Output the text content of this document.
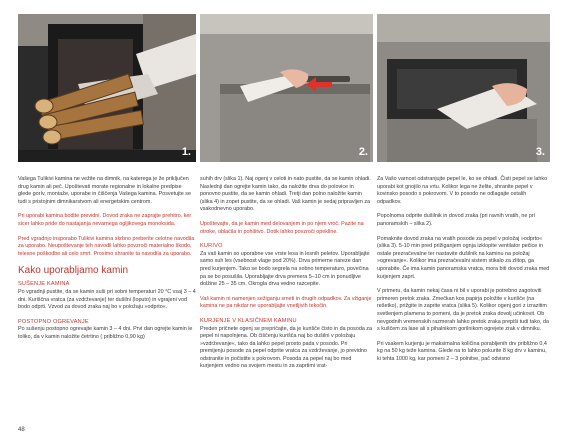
1.	2.	3.

Vašega Tulikivi kamina ne vežite na dimnik, na katerega je že priključen drug kamin ali peč. Upoštevati morate regionalne in lokalne predpise glede gorív, montaže, uporabe in čiščenja Vašega kamina. Posvetujte se tudi s pristojnim dimnikarstvom ali energetskim centrom.

Pri uporabi kamina bodite previdni. Dovod zraka ne zaprajte prehitro, ker sicer lahko pride do nastajanja nevarnega ogljikovega monoksida.

Pred vgradnjo insporabo Tulikivi kamina skrbno preberite celotne navodila za uporabo. Neupoštevanje teh navodil lahko povzroči materialno škodo, telesne poškodbe ali celo smrt. Prosimo shranite ta navodila za uporabo.

Kako uporabljamo kamin
SUŠENJE KAMINA

Po vgradnji pustite, da se kamin suši pri sobni temperaturi 20 °C vsaj 3 – 4 dni. Kuriščna vratca (za vzdrževanje) ter dušilni (loputo) in vgrajeni vod bodo odprti. Vzvod za dovod zraka naj bo v položaju »odprto«.

POSTOPNO OGREVANJE

Po sušenju postopno ogrevajte kamin 3 – 4 dni. Prvi dan ogrejte kamin le toliko, da v kamin naložite četrtino ( približno 0,90 kg)

suhih drv (slika 1). Naj ogenj v celoti in nato pustite, da se kamin ohladi. Naslednji dan ogrejte kamin tako, da naložite drva do polovice in ponovno pustite, da se kamin ohladi. Tretji dan polno naložite kamin (slika 4) in zopet pustite, da se ohladi. Vaš kamin je sedaj pripravljen za vsakodnevno uporabo.

Upoštevajte, da je kamin med delovanjem in po njem vroč. Pazite na otroke, oblačila in pohištvo. Dotik lahko povzroči opekline.

KURIVO

Za vaš kamin so uporabne vse vrste lesa in lesnih peletov. Uporabljajte samo suh les (vsebnost vlage pod 20%). Drva primerne nareze dan pred kurjenjem. Tako se bodo segrela na sobno temperaturo, povečina pa se bo posušila. Uporabljajte drva premera 5–10 cm in ponudljive dolžine 25 – 35 cm. Okrogla drva vedno razcepite.

Vaš kamin ni namenjen sežiganju smeti in drugih odpadkov. Za vžiganje kamina ne pa nikdar ne uporabljajte vnetljivih tekočin.

KURJENJE V KLASIČNEM KAMINU

Preden pričnete ogenj se prepričajte, da je kurišče čisto in da posoda za pepel ni napolnjena. Ob čiščenju kurišča naj bo dušilni v položaju »vzdrževanje«, tako da lahko pepel prosto pada v posodo. Pri premijenju posode za pepel odprite vratca za vzdrževanje, jo previdno odstranite in počistite s pokrovom. Posoda za pepel naj bo med kurjenjem vedno na svojem mestu in za zaprtimi vrat-

Za Vašo varnost odstranjujte pepel le, ko se ohladi. Čisti pepel se lahko uporabi kot gnojilo na vrtu. Kolikor lega ne želite, shranite pepel v kovinsko posodo s pokrovom. V to posodo ne odlagajte ostalih odpadkov.

Popolnoma odprite dušilnik in dovod zraka (pri ravnih vratih, ne pri panoramskih – slika 2).

Pomaknite dovod zraka na vratih posode za pepel v položaj »odprto« (slika 3). 5-10 min pred prižiganjem ognja izklopite ventilator pečice in ostale prezračevalne ter nastavite dušilnik na kaminu na položaj »ogrevanje«. Kolikor ima prezračevalni sistem stikalo za zlitop, ga uporabite. Če ima kamin panoramska vratca, mora biti dovod zraka med kurjenjem zaprt.

V primeru, da kamin nekaj časa ni bil v uporabi je potrebno zagotoviti primeren pretok zraka. Zmečkan kos papirja položite v kurišče (na rešetko), prižgite in zaprite vratca (slika 5). Kolikor ogenj gori z izrazitim svetlenjem plamena to pomeni, da je pretok zraka dovolj učinkovit. Ob nevgodnih vremenskih razmerah lahko pretok zraka prepiši tudi tako, da s kuščem za lase ali s pihalnikom gorilnikom ogrejete zrak v dimniku.

Pri vsakem kurjenju je maksimalna količina porabljenih drv približno 0,4 kg na 50 kg teže kamina. Glede na to lahko pokurite 8 kg drv v kaminu, ki tehta 1000 kg, kar pomeni 2 – 3 polnitve, pač odvisno

48
